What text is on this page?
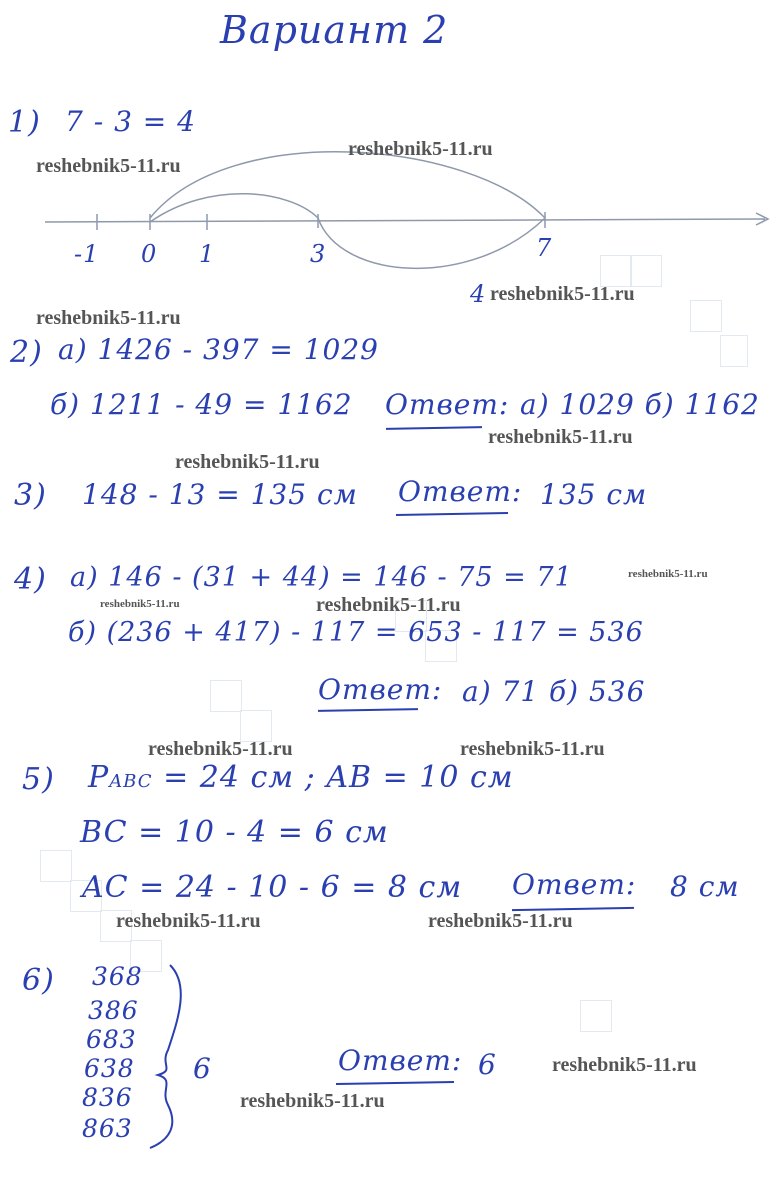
Вариант 2
1) 7 - 3 = 4
-1 0 1	3	7
4
2) а) 1426 - 397 = 1029
б) 1211 - 49 = 1162 Ответ: а) 1029 б) 1162
3) 148 - 13 = 135 см Ответ: 135 см
4) а) 146 - (31 + 44) = 146 - 75 = 71
б) (236 + 417) - 117 = 653 - 117 = 536
Ответ: а) 71 б) 536
5) PABC = 24 см ; AB = 10 см
BC = 10 - 4 = 6 см
AC = 24 - 10 - 6 = 8 см Ответ: 8 см
6) 368
386
683
638
836
863
6	Ответ: 6
reshebnik5-11.ru
reshebnik5-11.ru
reshebnik5-11.ru
reshebnik5-11.ru
reshebnik5-11.ru
reshebnik5-11.ru
reshebnik5-11.ru
reshebnik5-11.ru	reshebnik5-11.ru
reshebnik5-11.ru	reshebnik5-11.ru
reshebnik5-11.ru	reshebnik5-11.ru
reshebnik5-11.ru
reshebnik5-11.ru
